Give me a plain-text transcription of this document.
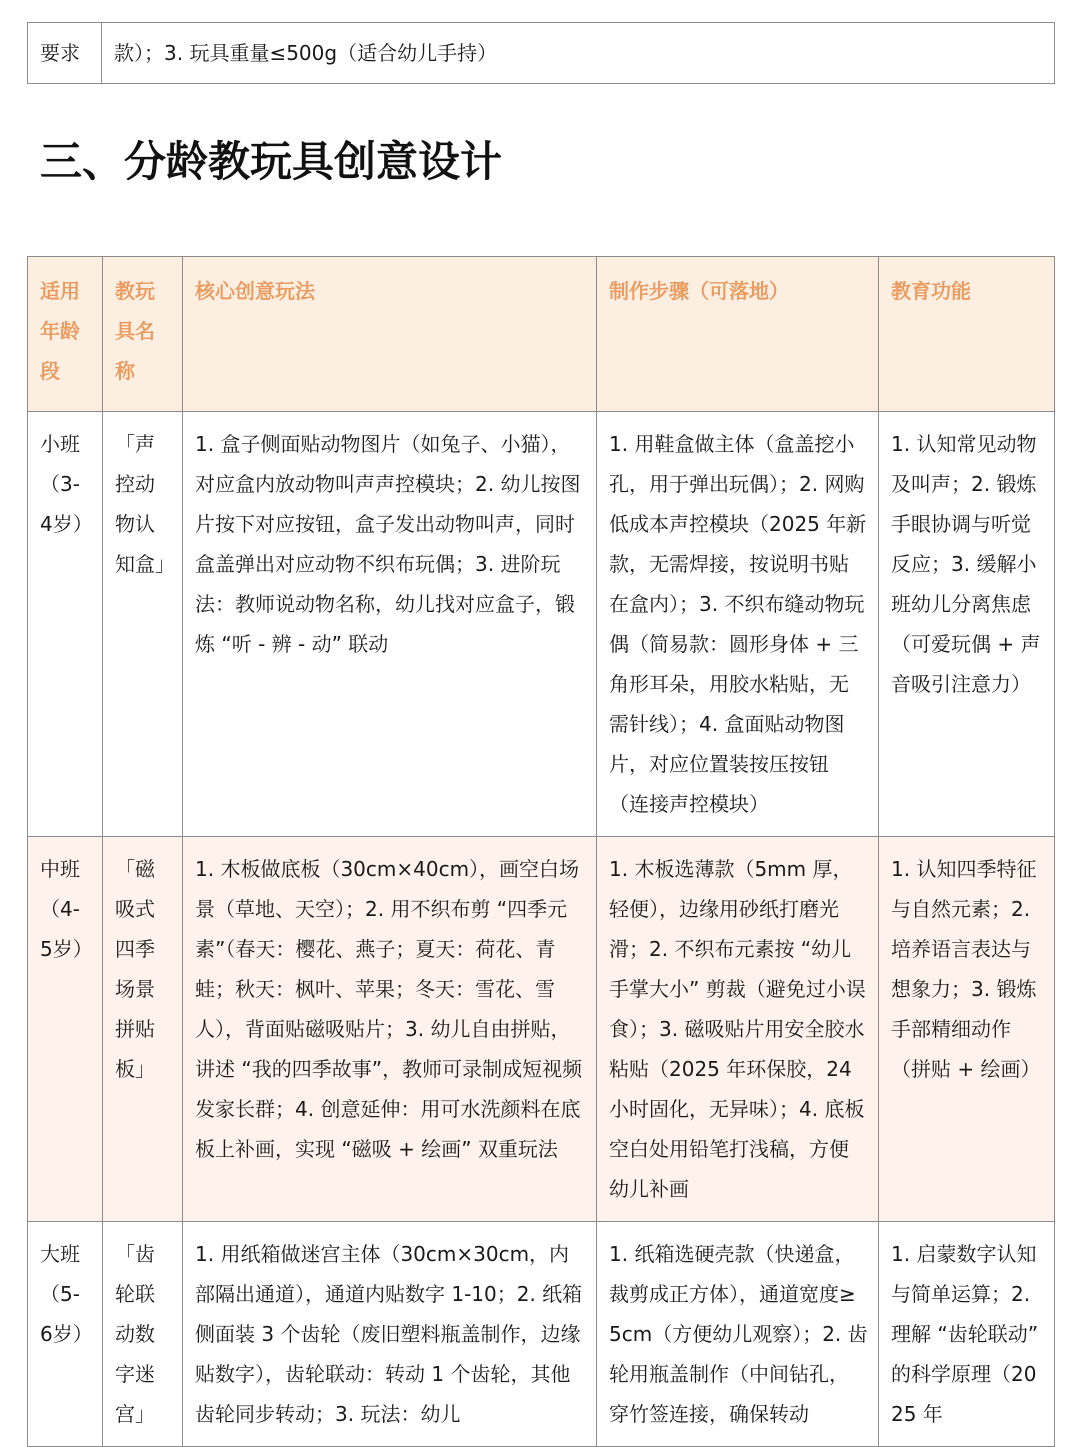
要求	款）；3. 玩具重量≤500g（适合幼儿手持）
三、分龄教玩具创意设计
适用年龄段	教玩具名称	核心创意玩法	制作步骤（可落地）	教育功能
小班（3-4岁）	「声控动物认知盒」	1. 盒子侧面贴动物图片（如兔子、小猫），对应盒内放动物叫声声控模块；2. 幼儿按图片按下对应按钮，盒子发出动物叫声，同时盒盖弹出对应动物不织布玩偶；3. 进阶玩法：教师说动物名称，幼儿找对应盒子，锻炼 “听 - 辨 - 动” 联动	1. 用鞋盒做主体（盒盖挖小孔，用于弹出玩偶）；2. 网购低成本声控模块（2025 年新款，无需焊接，按说明书贴在盒内）；3. 不织布缝动物玩偶（简易款：圆形身体 + 三角形耳朵，用胶水粘贴，无需针线）；4. 盒面贴动物图片，对应位置装按压按钮（连接声控模块）	1. 认知常见动物及叫声；2. 锻炼手眼协调与听觉反应；3. 缓解小班幼儿分离焦虑（可爱玩偶 + 声音吸引注意力）
中班（4-5岁）	「磁吸式四季场景拼贴板」	1. 木板做底板（30cm×40cm），画空白场景（草地、天空）；2. 用不织布剪 “四季元素”（春天：樱花、燕子；夏天：荷花、青蛙；秋天：枫叶、苹果；冬天：雪花、雪人），背面贴磁吸贴片；3. 幼儿自由拼贴，讲述 “我的四季故事”，教师可录制成短视频发家长群；4. 创意延伸：用可水洗颜料在底板上补画，实现 “磁吸 + 绘画” 双重玩法	1. 木板选薄款（5mm 厚，轻便），边缘用砂纸打磨光滑；2. 不织布元素按 “幼儿手掌大小” 剪裁（避免过小误食）；3. 磁吸贴片用安全胶水粘贴（2025 年环保胶，24 小时固化，无异味）；4. 底板空白处用铅笔打浅稿，方便幼儿补画	1. 认知四季特征与自然元素；2. 培养语言表达与想象力；3. 锻炼手部精细动作（拼贴 + 绘画）
大班（5-6岁）	「齿轮联动数字迷宫」	1. 用纸箱做迷宫主体（30cm×30cm，内部隔出通道），通道内贴数字 1-10；2. 纸箱侧面装 3 个齿轮（废旧塑料瓶盖制作，边缘贴数字），齿轮联动：转动 1 个齿轮，其他齿轮同步转动；3. 玩法：幼儿	1. 纸箱选硬壳款（快递盒，裁剪成正方体），通道宽度≥5cm（方便幼儿观察）；2. 齿轮用瓶盖制作（中间钻孔，穿竹签连接，确保转动	1. 启蒙数字认知与简单运算；2. 理解 “齿轮联动” 的科学原理（2025 年
